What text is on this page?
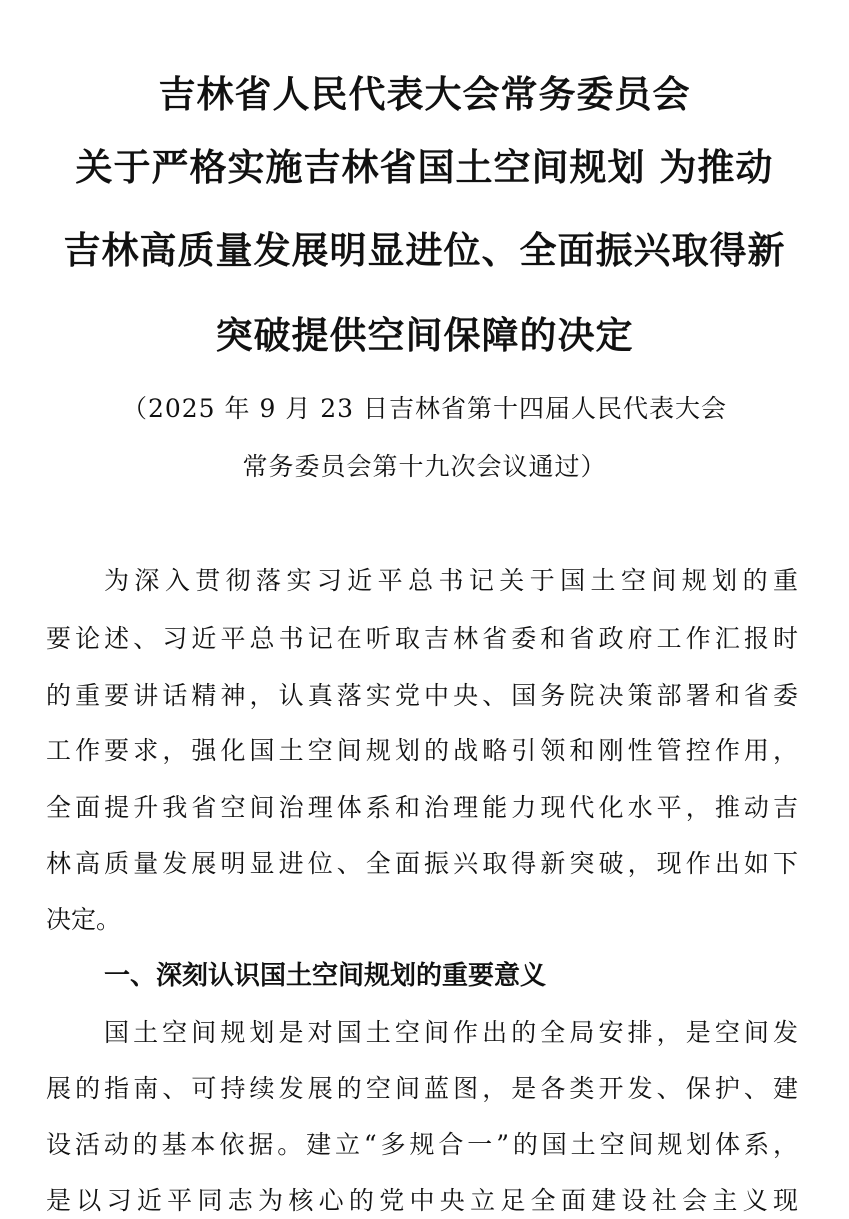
吉林省人民代表大会常务委员会
关于严格实施吉林省国土空间规划 为推动
吉林高质量发展明显进位、全面振兴取得新
突破提供空间保障的决定

（2025 年 9 月 23 日吉林省第十四届人民代表大会

常务委员会第十九次会议通过）

为深入贯彻落实习近平总书记关于国土空间规划的重

要论述、习近平总书记在听取吉林省委和省政府工作汇报时

的重要讲话精神，认真落实党中央、国务院决策部署和省委

工作要求，强化国土空间规划的战略引领和刚性管控作用，

全面提升我省空间治理体系和治理能力现代化水平，推动吉

林高质量发展明显进位、全面振兴取得新突破，现作出如下

决定。

一、深刻认识国土空间规划的重要意义

国土空间规划是对国土空间作出的全局安排，是空间发

展的指南、可持续发展的空间蓝图，是各类开发、保护、建

设活动的基本依据。建立“多规合一”的国土空间规划体系，

是以习近平同志为核心的党中央立足全面建设社会主义现
